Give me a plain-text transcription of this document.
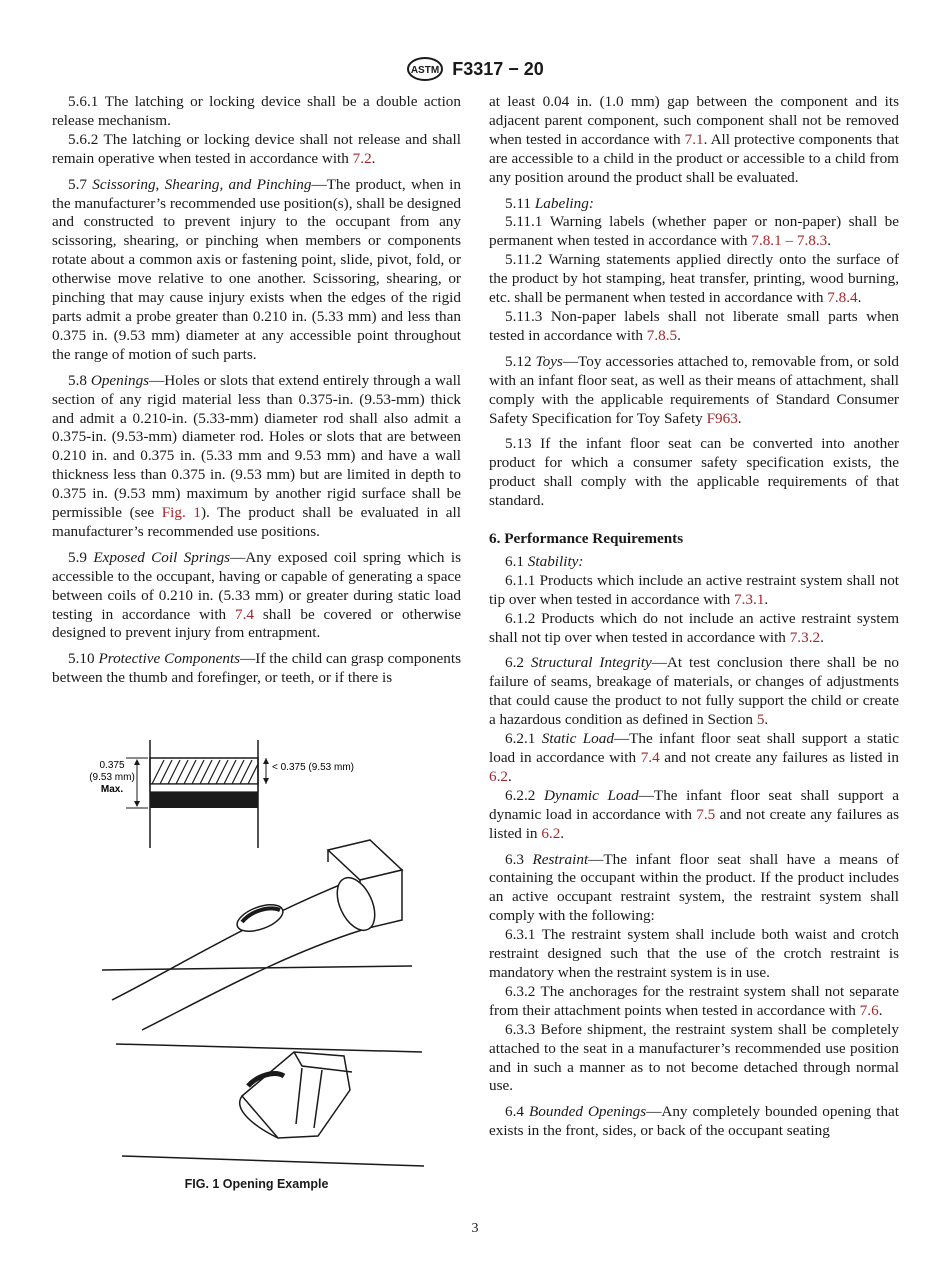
ASTM F3317 − 20

5.6.1 The latching or locking device shall be a double action release mechanism.

5.6.2 The latching or locking device shall not release and shall remain operative when tested in accordance with 7.2.

5.7 Scissoring, Shearing, and Pinching—The product, when in the manufacturer’s recommended use position(s), shall be designed and constructed to prevent injury to the occupant from any scissoring, shearing, or pinching when members or components rotate about a common axis or fastening point, slide, pivot, fold, or otherwise move relative to one another. Scissoring, shearing, or pinching that may cause injury exists when the edges of the rigid parts admit a probe greater than 0.210 in. (5.33 mm) and less than 0.375 in. (9.53 mm) diameter at any accessible point throughout the range of motion of such parts.

5.8 Openings—Holes or slots that extend entirely through a wall section of any rigid material less than 0.375-in. (9.53-mm) thick and admit a 0.210-in. (5.33-mm) diameter rod shall also admit a 0.375-in. (9.53-mm) diameter rod. Holes or slots that are between 0.210 in. and 0.375 in. (5.33 mm and 9.53 mm) and have a wall thickness less than 0.375 in. (9.53 mm) but are limited in depth to 0.375 in. (9.53 mm) maximum by another rigid surface shall be permissible (see Fig. 1). The product shall be evaluated in all manufacturer’s recommended use positions.

5.9 Exposed Coil Springs—Any exposed coil spring which is accessible to the occupant, having or capable of generating a space between coils of 0.210 in. (5.33 mm) or greater during static load testing in accordance with 7.4 shall be covered or otherwise designed to prevent injury from entrapment.

5.10 Protective Components—If the child can grasp components between the thumb and forefinger, or teeth, or if there is

0.375
(9.53 mm)
Max.
< 0.375 (9.53 mm)
FIG. 1 Opening Example

at least 0.04 in. (1.0 mm) gap between the component and its adjacent parent component, such component shall not be removed when tested in accordance with 7.1. All protective components that are accessible to a child in the product or accessible to a child from any position around the product shall be evaluated.

5.11 Labeling:

5.11.1 Warning labels (whether paper or non-paper) shall be permanent when tested in accordance with 7.8.1 – 7.8.3.

5.11.2 Warning statements applied directly onto the surface of the product by hot stamping, heat transfer, printing, wood burning, etc. shall be permanent when tested in accordance with 7.8.4.

5.11.3 Non-paper labels shall not liberate small parts when tested in accordance with 7.8.5.

5.12 Toys—Toy accessories attached to, removable from, or sold with an infant floor seat, as well as their means of attachment, shall comply with the applicable requirements of Standard Consumer Safety Specification for Toy Safety F963.

5.13 If the infant floor seat can be converted into another product for which a consumer safety specification exists, the product shall comply with the applicable requirements of that standard.

6. Performance Requirements

6.1 Stability:

6.1.1 Products which include an active restraint system shall not tip over when tested in accordance with 7.3.1.

6.1.2 Products which do not include an active restraint system shall not tip over when tested in accordance with 7.3.2.

6.2 Structural Integrity—At test conclusion there shall be no failure of seams, breakage of materials, or changes of adjustments that could cause the product to not fully support the child or create a hazardous condition as defined in Section 5.

6.2.1 Static Load—The infant floor seat shall support a static load in accordance with 7.4 and not create any failures as listed in 6.2.

6.2.2 Dynamic Load—The infant floor seat shall support a dynamic load in accordance with 7.5 and not create any failures as listed in 6.2.

6.3 Restraint—The infant floor seat shall have a means of containing the occupant within the product. If the product includes an active occupant restraint system, the restraint system shall comply with the following:

6.3.1 The restraint system shall include both waist and crotch restraint designed such that the use of the crotch restraint is mandatory when the restraint system is in use.

6.3.2 The anchorages for the restraint system shall not separate from their attachment points when tested in accordance with 7.6.

6.3.3 Before shipment, the restraint system shall be completely attached to the seat in a manufacturer’s recommended use position and in such a manner as to not become detached through normal use.

6.4 Bounded Openings—Any completely bounded opening that exists in the front, sides, or back of the occupant seating

3
